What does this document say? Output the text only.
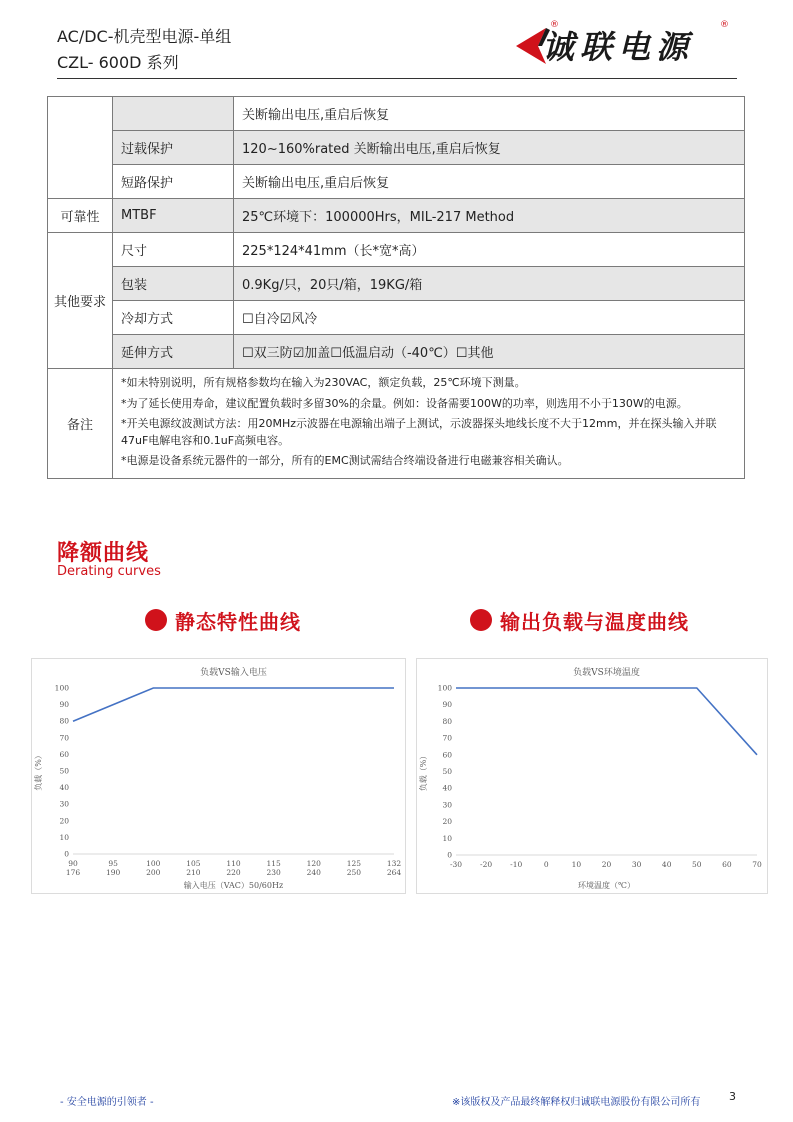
AC/DC-机壳型电源-单组
CZL- 600D 系列	诚联电源
®	®
		关断输出电压,重启后恢复
	过载保护	120~160%rated 关断输出电压,重启后恢复
	短路保护	关断输出电压,重启后恢复
可靠性	MTBF	25℃环境下：100000Hrs，MIL-217 Method
其他要求	尺寸	225*124*41mm（长*宽*高）
	包装	0.9Kg/只，20只/箱，19KG/箱
	冷却方式	☐自冷☑风冷
	延伸方式	☐双三防☑加盖☐低温启动（-40℃）☐其他
备注	*如未特别说明，所有规格参数均在输入为230VAC，额定负载，25℃环境下测量。
*为了延长使用寿命，建议配置负载时多留30%的余量。例如：设备需要100W的功率，则选用不小于130W的电源。
*开关电源纹波测试方法：用20MHz示波器在电源输出端子上测试，示波器探头地线长度不大于12mm，并在探头输入并联47uF电解电容和0.1uF高频电容。
*电源是设备系统元器件的一部分，所有的EMC测试需结合终端设备进行电磁兼容相关确认。	
降额曲线
Derating curves
静态特性曲线	输出负载与温度曲线
负载VS输入电压
0
10
20
30
40
50
60
70
80
90
100
90	95	100	105	110	115	120	125	132
176	190	200	210	220	230	240	250	264
输入电压（VAC）50/60Hz
负载（%）
负载VS环境温度
0
10
20
30
40
50
60
70
80
90
100
-30 -20 -10	0	10	20	30	40	50	60	70
环境温度（℃）
负载（%）
- 安全电源的引领者 -	※该版权及产品最终解释权归诚联电源股份有限公司所有	3
